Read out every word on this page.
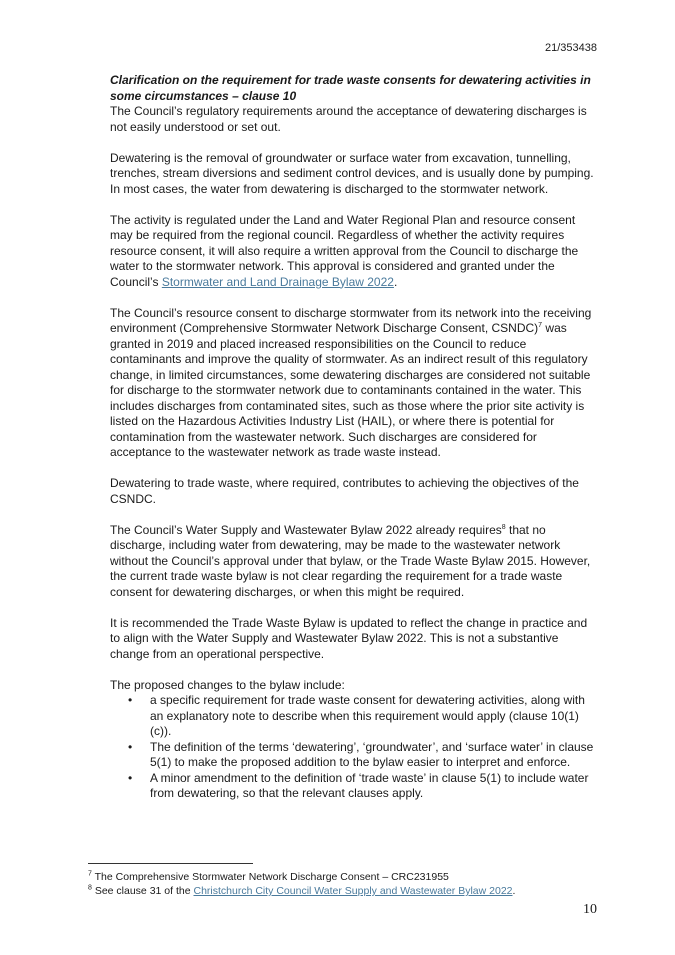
21/353438

Clarification on the requirement for trade waste consents for dewatering activities in some circumstances – clause 10

The Council’s regulatory requirements around the acceptance of dewatering discharges is not easily understood or set out.

Dewatering is the removal of groundwater or surface water from excavation, tunnelling, trenches, stream diversions and sediment control devices, and is usually done by pumping. In most cases, the water from dewatering is discharged to the stormwater network.

The activity is regulated under the Land and Water Regional Plan and resource consent may be required from the regional council. Regardless of whether the activity requires resource consent, it will also require a written approval from the Council to discharge the water to the stormwater network. This approval is considered and granted under the Council’s Stormwater and Land Drainage Bylaw 2022.

The Council’s resource consent to discharge stormwater from its network into the receiving environment (Comprehensive Stormwater Network Discharge Consent, CSNDC)$^7$ was granted in 2019 and placed increased responsibilities on the Council to reduce contaminants and improve the quality of stormwater. As an indirect result of this regulatory change, in limited circumstances, some dewatering discharges are considered not suitable for discharge to the stormwater network due to contaminants contained in the water. This includes discharges from contaminated sites, such as those where the prior site activity is listed on the Hazardous Activities Industry List (HAIL), or where there is potential for contamination from the wastewater network. Such discharges are considered for acceptance to the wastewater network as trade waste instead.

Dewatering to trade waste, where required, contributes to achieving the objectives of the CSNDC.

The Council’s Water Supply and Wastewater Bylaw 2022 already requires$^8$ that no discharge, including water from dewatering, may be made to the wastewater network without the Council’s approval under that bylaw, or the Trade Waste Bylaw 2015. However, the current trade waste bylaw is not clear regarding the requirement for a trade waste consent for dewatering discharges, or when this might be required.

It is recommended the Trade Waste Bylaw is updated to reflect the change in practice and to align with the Water Supply and Wastewater Bylaw 2022. This is not a substantive change from an operational perspective.

The proposed changes to the bylaw include:

• a specific requirement for trade waste consent for dewatering activities, along with an explanatory note to describe when this requirement would apply (clause 10(1)(c)).
• The definition of the terms ‘dewatering’, ‘groundwater’, and ‘surface water’ in clause 5(1) to make the proposed addition to the bylaw easier to interpret and enforce.
• A minor amendment to the definition of ‘trade waste’ in clause 5(1) to include water from dewatering, so that the relevant clauses apply.
$^7$ The Comprehensive Stormwater Network Discharge Consent – CRC231955
$^8$ See clause 31 of the Christchurch City Council Water Supply and Wastewater Bylaw 2022.
10
